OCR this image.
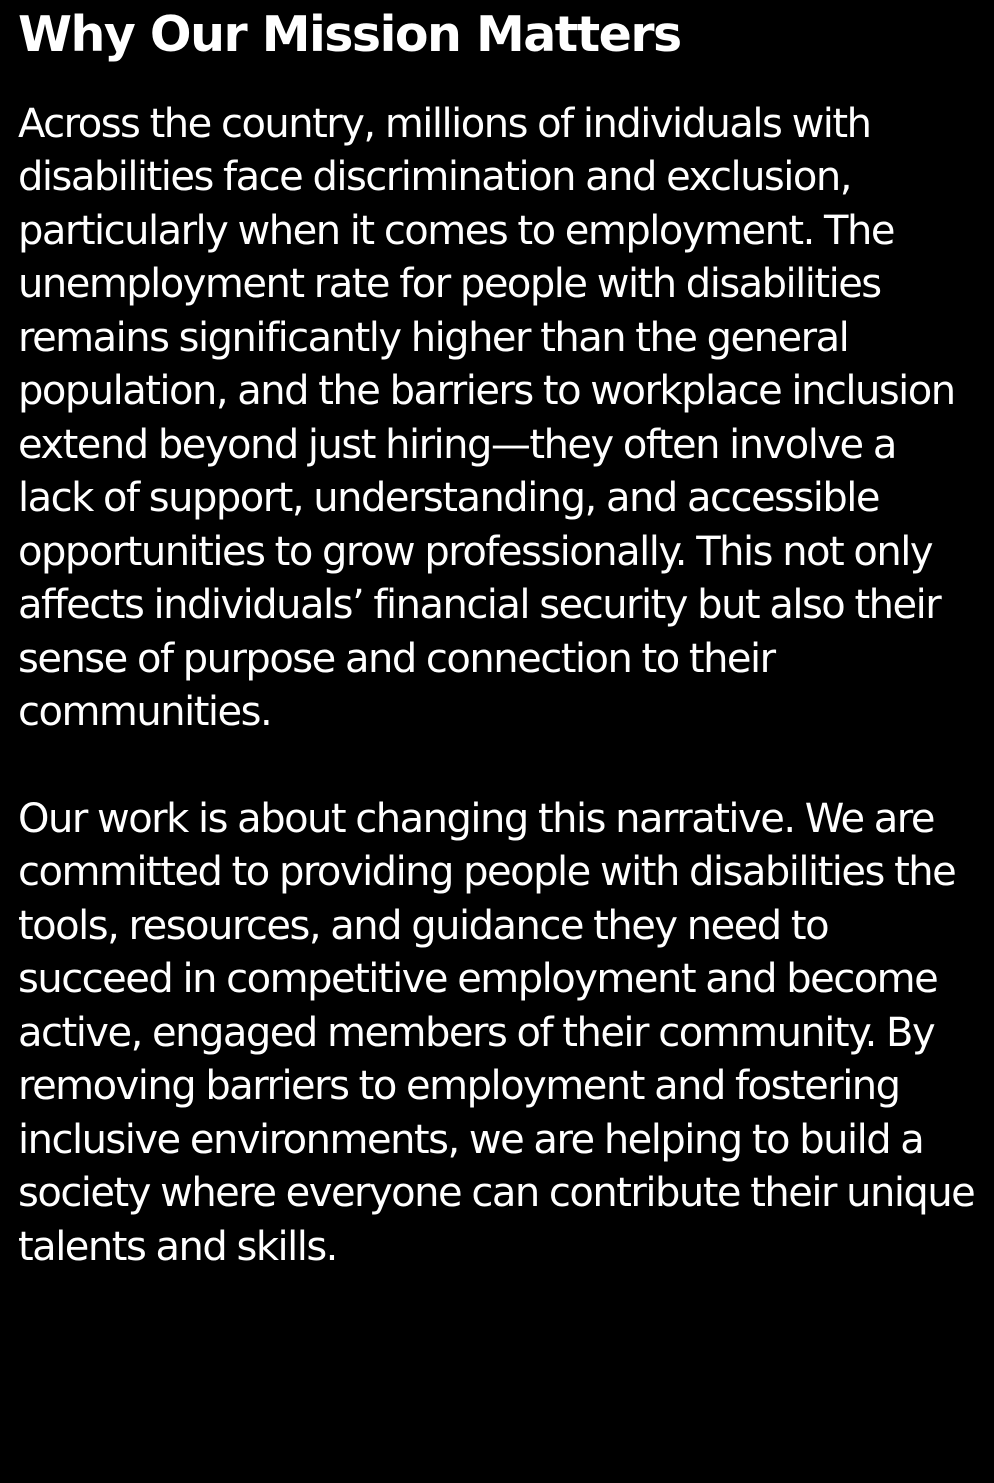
Why Our Mission Matters

Across the country, millions of individuals with disabilities face discrimination and exclusion, particularly when it comes to employment. The unemployment rate for people with disabilities remains significantly higher than the general population, and the barriers to workplace inclusion extend beyond just hiring—they often involve a lack of support, understanding, and accessible opportunities to grow professionally. This not only affects individuals’ financial security but also their sense of purpose and connection to their communities.

Our work is about changing this narrative. We are committed to providing people with disabilities the tools, resources, and guidance they need to succeed in competitive employment and become active, engaged members of their community. By removing barriers to employment and fostering inclusive environments, we are helping to build a society where everyone can contribute their unique talents and skills.
